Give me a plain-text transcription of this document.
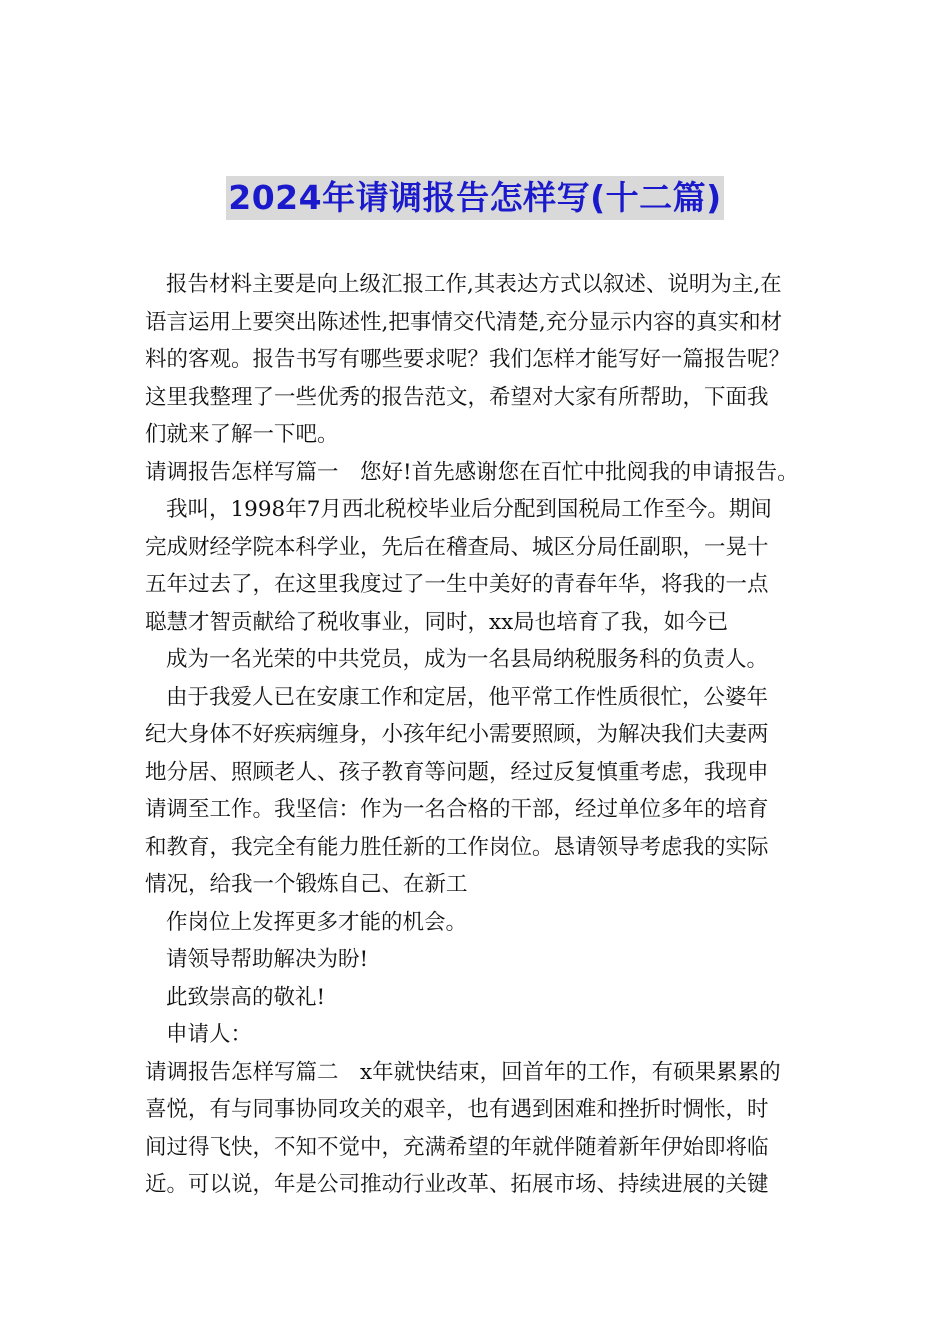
2024年请调报告怎样写(十二篇)
报告材料主要是向上级汇报工作,其表达方式以叙述、说明为主,在
语言运用上要突出陈述性,把事情交代清楚,充分显示内容的真实和材
料的客观。报告书写有哪些要求呢？我们怎样才能写好一篇报告呢？
这里我整理了一些优秀的报告范文，希望对大家有所帮助，下面我
们就来了解一下吧。
请调报告怎样写篇一　您好!首先感谢您在百忙中批阅我的申请报告。
我叫，1998年7月西北税校毕业后分配到国税局工作至今。期间
完成财经学院本科学业，先后在稽查局、城区分局任副职，一晃十
五年过去了，在这里我度过了一生中美好的青春年华，将我的一点
聪慧才智贡献给了税收事业，同时，xx局也培育了我，如今已
成为一名光荣的中共党员，成为一名县局纳税服务科的负责人。
由于我爱人已在安康工作和定居，他平常工作性质很忙，公婆年
纪大身体不好疾病缠身，小孩年纪小需要照顾，为解决我们夫妻两
地分居、照顾老人、孩子教育等问题，经过反复慎重考虑，我现申
请调至工作。我坚信：作为一名合格的干部，经过单位多年的培育
和教育，我完全有能力胜任新的工作岗位。恳请领导考虑我的实际
情况，给我一个锻炼自己、在新工
作岗位上发挥更多才能的机会。
请领导帮助解决为盼!
此致崇高的敬礼!
申请人：
请调报告怎样写篇二　x年就快结束，回首年的工作，有硕果累累的
喜悦，有与同事协同攻关的艰辛，也有遇到困难和挫折时惆怅，时
间过得飞快，不知不觉中，充满希望的年就伴随着新年伊始即将临
近。可以说，年是公司推动行业改革、拓展市场、持续进展的关键
